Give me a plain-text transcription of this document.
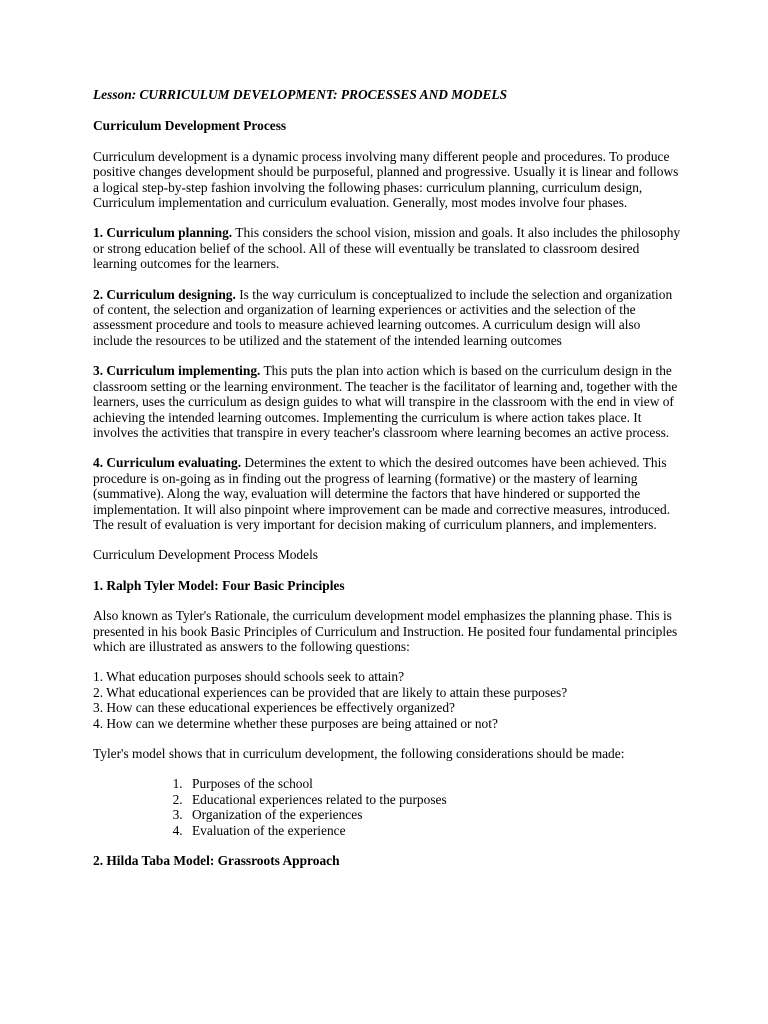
Lesson: CURRICULUM DEVELOPMENT: PROCESSES AND MODELS

Curriculum Development Process

Curriculum development is a dynamic process involving many different people and procedures. To produce positive changes development should be purposeful, planned and progressive. Usually it is linear and follows a logical step-by-step fashion involving the following phases: curriculum planning, curriculum design, Curriculum implementation and curriculum evaluation. Generally, most modes involve four phases.

1. Curriculum planning. This considers the school vision, mission and goals. It also includes the philosophy or strong education belief of the school. All of these will eventually be translated to classroom desired learning outcomes for the learners.

2. Curriculum designing. Is the way curriculum is conceptualized to include the selection and organization of content, the selection and organization of learning experiences or activities and the selection of the assessment procedure and tools to measure achieved learning outcomes. A curriculum design will also include the resources to be utilized and the statement of the intended learning outcomes

3. Curriculum implementing. This puts the plan into action which is based on the curriculum design in the classroom setting or the learning environment. The teacher is the facilitator of learning and, together with the learners, uses the curriculum as design guides to what will transpire in the classroom with the end in view of achieving the intended learning outcomes. Implementing the curriculum is where action takes place. It involves the activities that transpire in every teacher's classroom where learning becomes an active process.

4. Curriculum evaluating. Determines the extent to which the desired outcomes have been achieved. This procedure is on-going as in finding out the progress of learning (formative) or the mastery of learning (summative). Along the way, evaluation will determine the factors that have hindered or supported the implementation. It will also pinpoint where improvement can be made and corrective measures, introduced. The result of evaluation is very important for decision making of curriculum planners, and implementers.

Curriculum Development Process Models

1. Ralph Tyler Model: Four Basic Principles

Also known as Tyler's Rationale, the curriculum development model emphasizes the planning phase. This is presented in his book Basic Principles of Curriculum and Instruction. He posited four fundamental principles which are illustrated as answers to the following questions:

1. What education purposes should schools seek to attain?
2. What educational experiences can be provided that are likely to attain these purposes?
3. How can these educational experiences be effectively organized?
4. How can we determine whether these purposes are being attained or not?

Tyler's model shows that in curriculum development, the following considerations should be made:

1. Purposes of the school
2. Educational experiences related to the purposes
3. Organization of the experiences
4. Evaluation of the experience

2. Hilda Taba Model: Grassroots Approach
